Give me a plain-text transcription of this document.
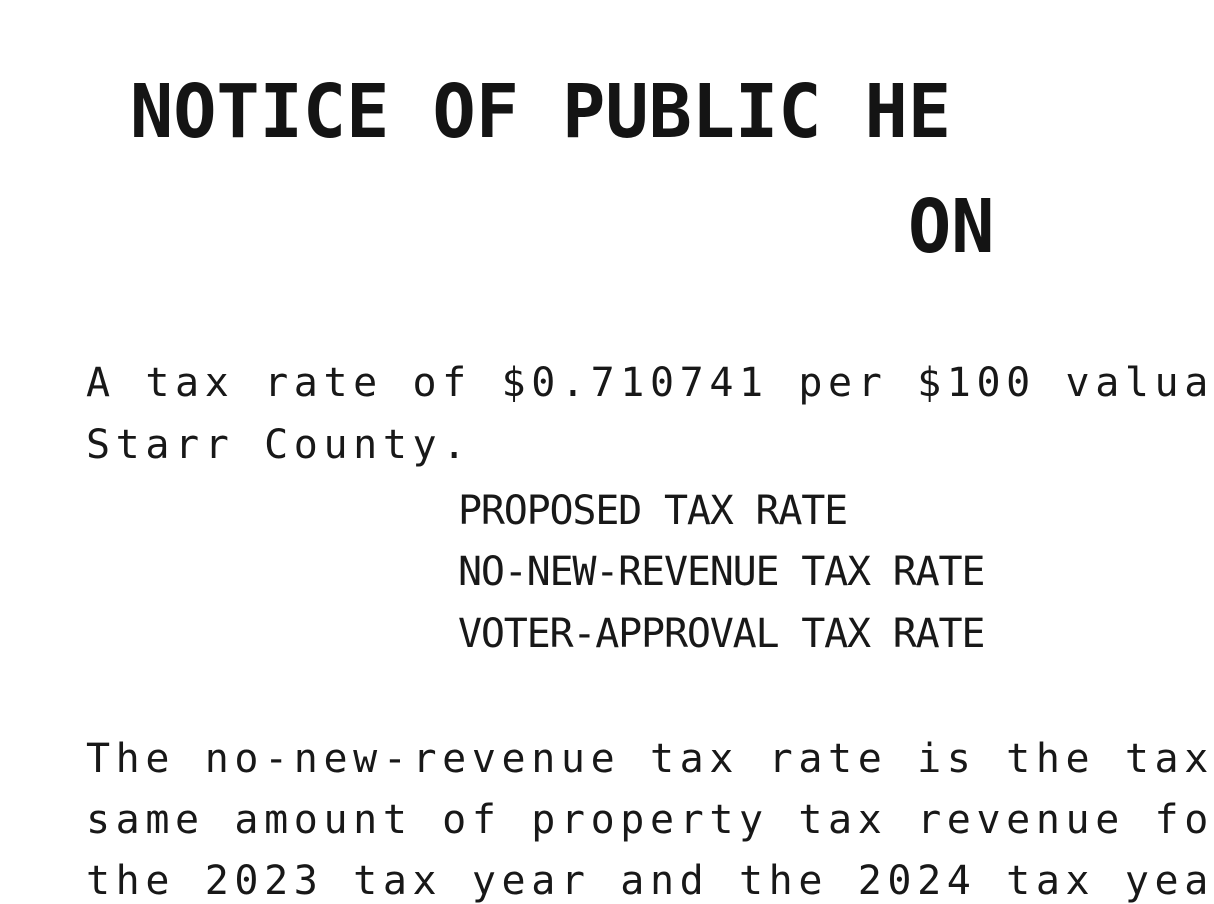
NOTICE OF PUBLIC HE
ON
A tax rate of $0.710741 per $100 valua
Starr County.
PROPOSED TAX RATE
NO-NEW-REVENUE TAX RATE
VOTER-APPROVAL TAX RATE
The no-new-revenue tax rate is the tax
same amount of property tax revenue fo
the 2023 tax year and the 2024 tax yea
